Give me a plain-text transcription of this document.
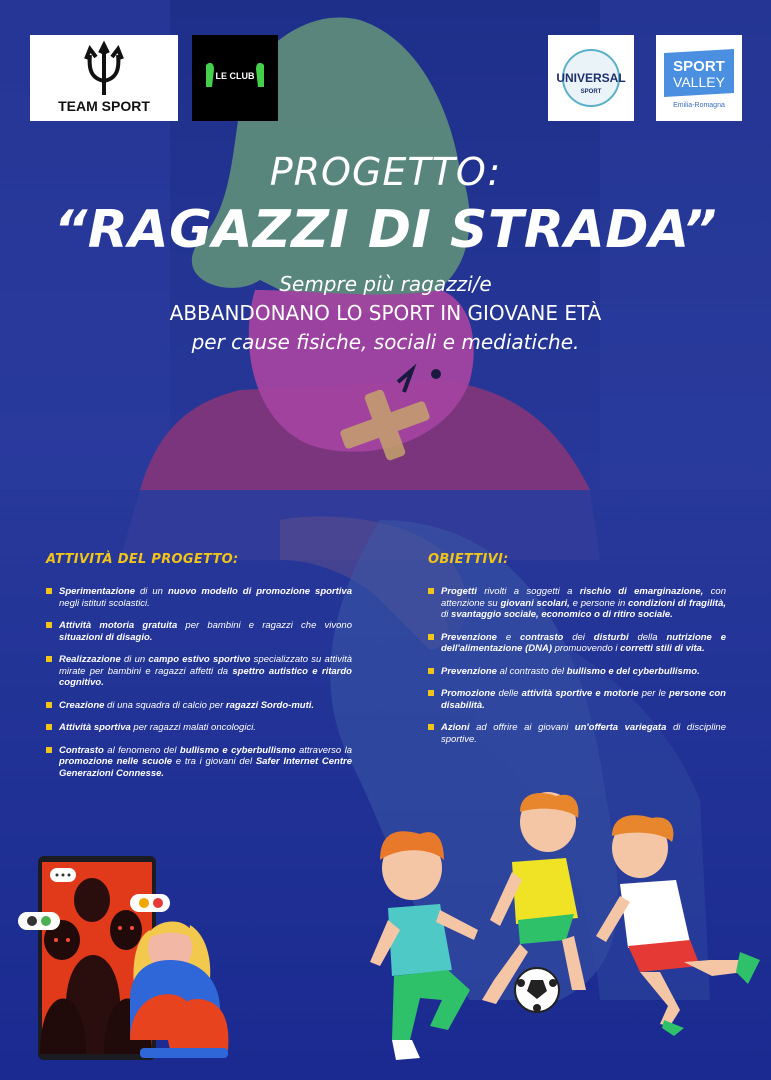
TEAM SPORT
LE CLUB	UNIVERSAL
SPORT
SPORT
VALLEY
Emilia-Romagna
PROGETTO:
“RAGAZZI DI STRADA”
Sempre più ragazzi/e
ABBANDONANO LO SPORT IN GIOVANE ETÀ
per cause fisiche, sociali e mediatiche.
ATTIVITÀ DEL PROGETTO:
Sperimentazione di un nuovo modello di promozione sportiva negli istituti scolastici.
Attività motoria gratuita per bambini e ragazzi che vivono situazioni di disagio.
Realizzazione di un campo estivo sportivo specializzato su attività mirate per bambini e ragazzi affetti da spettro autistico e ritardo cognitivo.
Creazione di una squadra di calcio per ragazzi Sordo-muti.
Attività sportiva per ragazzi malati oncologici.
Contrasto al fenomeno del bullismo e cyberbullismo attraverso la promozione nelle scuole e tra i giovani del Safer Internet Centre Generazioni Connesse.
OBIETTIVI:
Progetti rivolti a soggetti a rischio di emarginazione, con attenzione su giovani scolari, e persone in condizioni di fragilità, di svantaggio sociale, economico o di ritiro sociale.
Prevenzione e contrasto dei disturbi della nutrizione e dell'alimentazione (DNA) promuovendo i corretti stili di vita.
Prevenzione al contrasto del bullismo e del cyberbullismo.
Promozione delle attività sportive e motorie per le persone con disabilità.
Azioni ad offrire ai giovani un'offerta variegata di discipline sportive.
